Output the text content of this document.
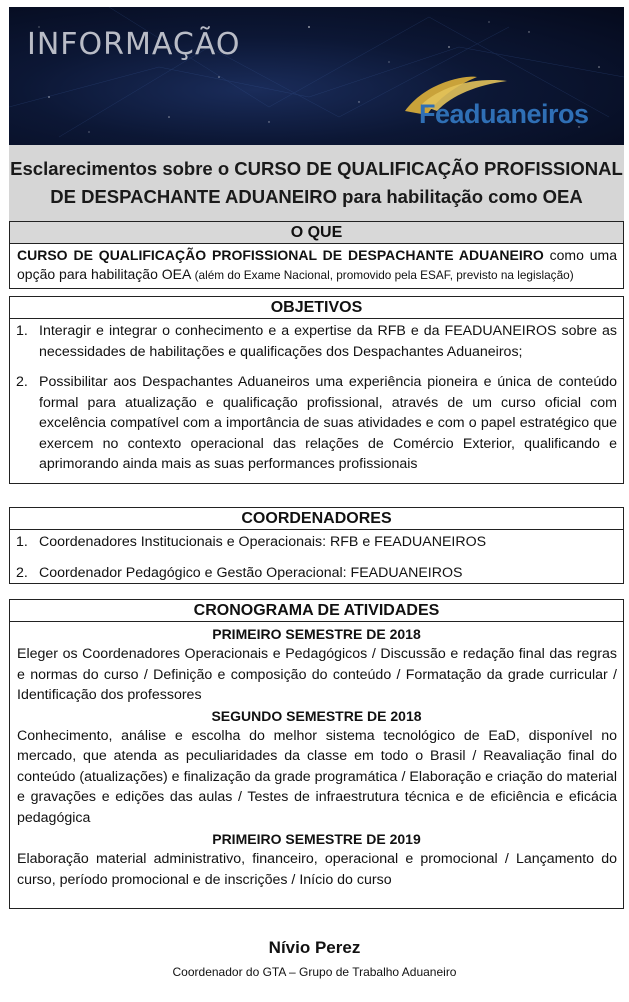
INFORMAÇÃO
Feaduaneiros
Esclarecimentos sobre o CURSO DE QUALIFICAÇÃO PROFISSIONAL
DE DESPACHANTE ADUANEIRO para habilitação como OEA
O QUE
CURSO DE QUALIFICAÇÃO PROFISSIONAL DE DESPACHANTE ADUANEIRO como uma opção para habilitação OEA (além do Exame Nacional, promovido pela ESAF, previsto na legislação)
OBJETIVOS
1. Interagir e integrar o conhecimento e a expertise da RFB e da FEADUANEIROS sobre as necessidades de habilitações e qualificações dos Despachantes Aduaneiros;
2. Possibilitar aos Despachantes Aduaneiros uma experiência pioneira e única de conteúdo formal para atualização e qualificação profissional, através de um curso oficial com excelência compatível com a importância de suas atividades e com o papel estratégico que exercem no contexto operacional das relações de Comércio Exterior, qualificando e aprimorando ainda mais as suas performances profissionais
COORDENADORES
1. Coordenadores Institucionais e Operacionais: RFB e FEADUANEIROS
2. Coordenador Pedagógico e Gestão Operacional: FEADUANEIROS
CRONOGRAMA DE ATIVIDADES
PRIMEIRO SEMESTRE DE 2018
Eleger os Coordenadores Operacionais e Pedagógicos / Discussão e redação final das regras e normas do curso / Definição e composição do conteúdo / Formatação da grade curricular / Identificação dos professores
SEGUNDO SEMESTRE DE 2018
Conhecimento, análise e escolha do melhor sistema tecnológico de EaD, disponível no mercado, que atenda as peculiaridades da classe em todo o Brasil / Reavaliação final do conteúdo (atualizações) e finalização da grade programática / Elaboração e criação do material e gravações e edições das aulas / Testes de infraestrutura técnica e de eficiência e eficácia pedagógica
PRIMEIRO SEMESTRE DE 2019
Elaboração material administrativo, financeiro, operacional e promocional / Lançamento do curso, período promocional e de inscrições / Início do curso
Nívio Perez
Coordenador do GTA – Grupo de Trabalho Aduaneiro
